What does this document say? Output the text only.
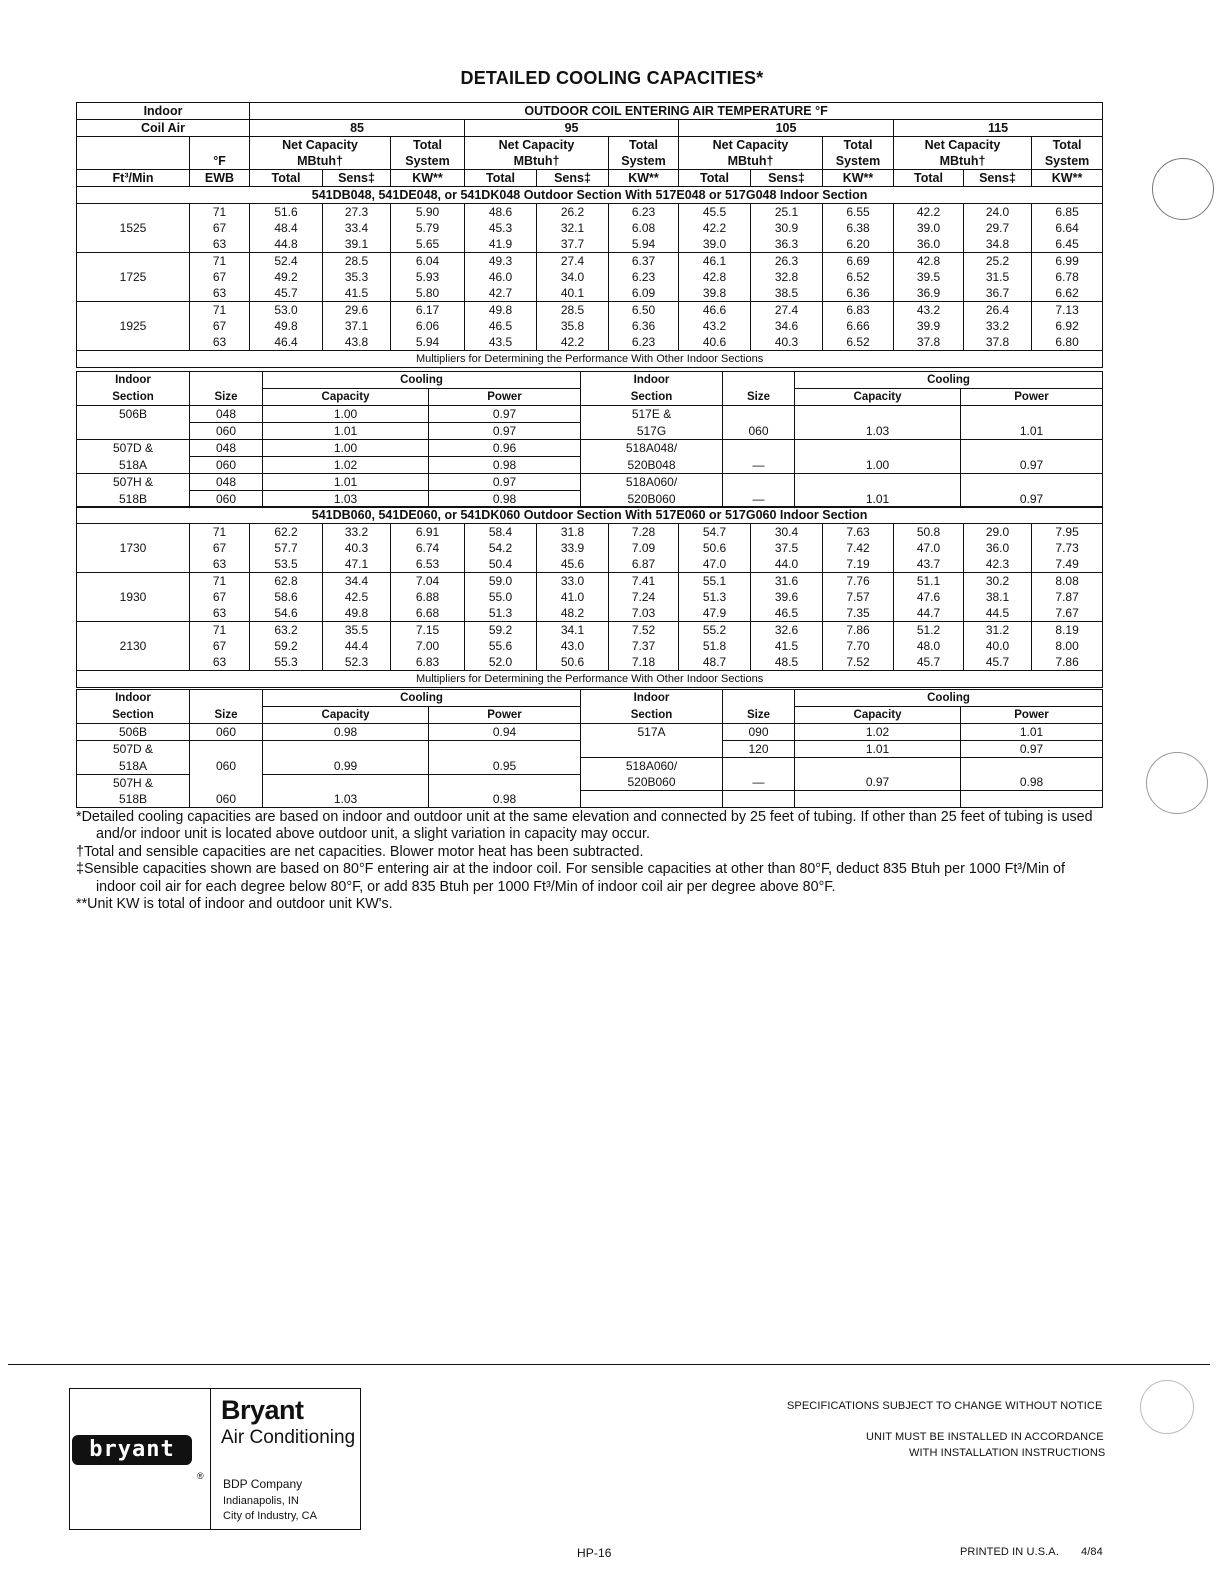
DETAILED COOLING CAPACITIES*
Indoor		OUTDOOR COIL ENTERING AIR TEMPERATURE °F											
Coil Air		85			95			105			115		
		Net Capacity		Total	Net Capacity		Total	Net Capacity		Total	Net Capacity		Total
	°F	MBtuh†		System	MBtuh†		System	MBtuh†		System	MBtuh†		System
Ft³/Min	EWB	Total	Sens‡	KW**	Total	Sens‡	KW**	Total	Sens‡	KW**	Total	Sens‡	KW**
541DB048, 541DE048, or 541DK048 Outdoor Section With 517E048 or 517G048 Indoor Section													
	71	51.6	27.3	5.90	48.6	26.2	6.23	45.5	25.1	6.55	42.2	24.0	6.85
1525	67	48.4	33.4	5.79	45.3	32.1	6.08	42.2	30.9	6.38	39.0	29.7	6.64
	63	44.8	39.1	5.65	41.9	37.7	5.94	39.0	36.3	6.20	36.0	34.8	6.45
	71	52.4	28.5	6.04	49.3	27.4	6.37	46.1	26.3	6.69	42.8	25.2	6.99
1725	67	49.2	35.3	5.93	46.0	34.0	6.23	42.8	32.8	6.52	39.5	31.5	6.78
	63	45.7	41.5	5.80	42.7	40.1	6.09	39.8	38.5	6.36	36.9	36.7	6.62
	71	53.0	29.6	6.17	49.8	28.5	6.50	46.6	27.4	6.83	43.2	26.4	7.13
1925	67	49.8	37.1	6.06	46.5	35.8	6.36	43.2	34.6	6.66	39.9	33.2	6.92
	63	46.4	43.8	5.94	43.5	42.2	6.23	40.6	40.3	6.52	37.8	37.8	6.80
Multipliers for Determining the Performance With Other Indoor Sections													
Indoor		Cooling		Indoor		Cooling	
Section	Size	Capacity	Power	Section	Size	Capacity	Power
506B	048	1.00	0.97	517E &			
	060	1.01	0.97	517G	060	1.03	1.01
507D &	048	1.00	0.96	518A048/			
518A	060	1.02	0.98	520B048	—	1.00	0.97
507H &	048	1.01	0.97	518A060/			
518B	060	1.03	0.98	520B060	—	1.01	0.97
541DB060, 541DE060, or 541DK060 Outdoor Section With 517E060 or 517G060 Indoor Section													
	71	62.2	33.2	6.91	58.4	31.8	7.28	54.7	30.4	7.63	50.8	29.0	7.95
1730	67	57.7	40.3	6.74	54.2	33.9	7.09	50.6	37.5	7.42	47.0	36.0	7.73
	63	53.5	47.1	6.53	50.4	45.6	6.87	47.0	44.0	7.19	43.7	42.3	7.49
	71	62.8	34.4	7.04	59.0	33.0	7.41	55.1	31.6	7.76	51.1	30.2	8.08
1930	67	58.6	42.5	6.88	55.0	41.0	7.24	51.3	39.6	7.57	47.6	38.1	7.87
	63	54.6	49.8	6.68	51.3	48.2	7.03	47.9	46.5	7.35	44.7	44.5	7.67
	71	63.2	35.5	7.15	59.2	34.1	7.52	55.2	32.6	7.86	51.2	31.2	8.19
2130	67	59.2	44.4	7.00	55.6	43.0	7.37	51.8	41.5	7.70	48.0	40.0	8.00
	63	55.3	52.3	6.83	52.0	50.6	7.18	48.7	48.5	7.52	45.7	45.7	7.86
Multipliers for Determining the Performance With Other Indoor Sections													
Indoor		Cooling		Indoor		Cooling	
Section	Size	Capacity	Power	Section	Size	Capacity	Power
506B	060	0.98	0.94	517A	090	1.02	1.01
507D &					120	1.01	0.97
518A	060	0.99	0.95	518A060/			
507H &				520B060	—	0.97	0.98
518B	060	1.03	0.98				

*Detailed cooling capacities are based on indoor and outdoor unit at the same elevation and connected by 25 feet of tubing. If other than 25 feet of tubing is used and/or indoor unit is located above outdoor unit, a slight variation in capacity may occur.

†Total and sensible capacities are net capacities. Blower motor heat has been subtracted.

‡Sensible capacities shown are based on 80°F entering air at the indoor coil. For sensible capacities at other than 80°F, deduct 835 Btuh per 1000 Ft³/Min of indoor coil air for each degree below 80°F, or add 835 Btuh per 1000 Ft³/Min of indoor coil air per degree above 80°F.

**Unit KW is total of indoor and outdoor unit KW's.

bryant
®
Bryant
Air Conditioning
BDP Company
Indianapolis, IN
City of Industry, CA
SPECIFICATIONS SUBJECT TO CHANGE WITHOUT NOTICE
UNIT MUST BE INSTALLED IN ACCORDANCE
WITH INSTALLATION INSTRUCTIONS
HP-16	PRINTED IN U.S.A. 4/84
